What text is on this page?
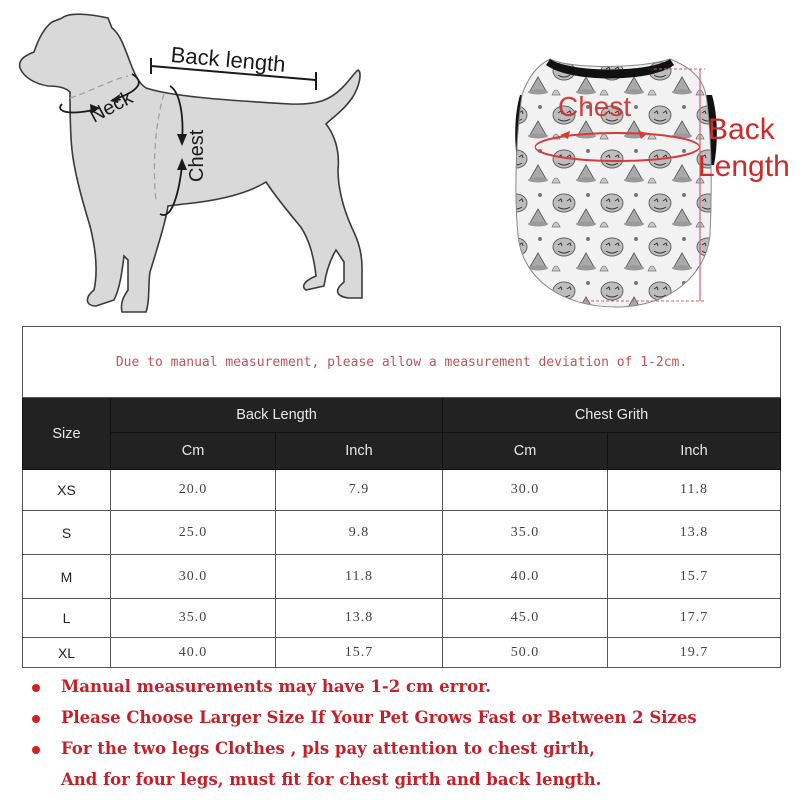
Back length
Neck
Chest
Chest
Back
Length
Due to manual measurement, please allow a measurement deviation of 1-2cm.				
Size	Back Length		Chest Grith	
	Cm	Inch	Cm	Inch
XS	20.0	7.9	30.0	11.8
S	25.0	9.8	35.0	13.8
M	30.0	11.8	40.0	15.7
L	35.0	13.8	45.0	17.7
XL	40.0	15.7	50.0	19.7
Manual measurements may have 1-2 cm error.
Please Choose Larger Size If Your Pet Grows Fast or Between 2 Sizes
For the two legs Clothes , pls pay attention to chest girth,
And for four legs, must fit for chest girth and back length.
